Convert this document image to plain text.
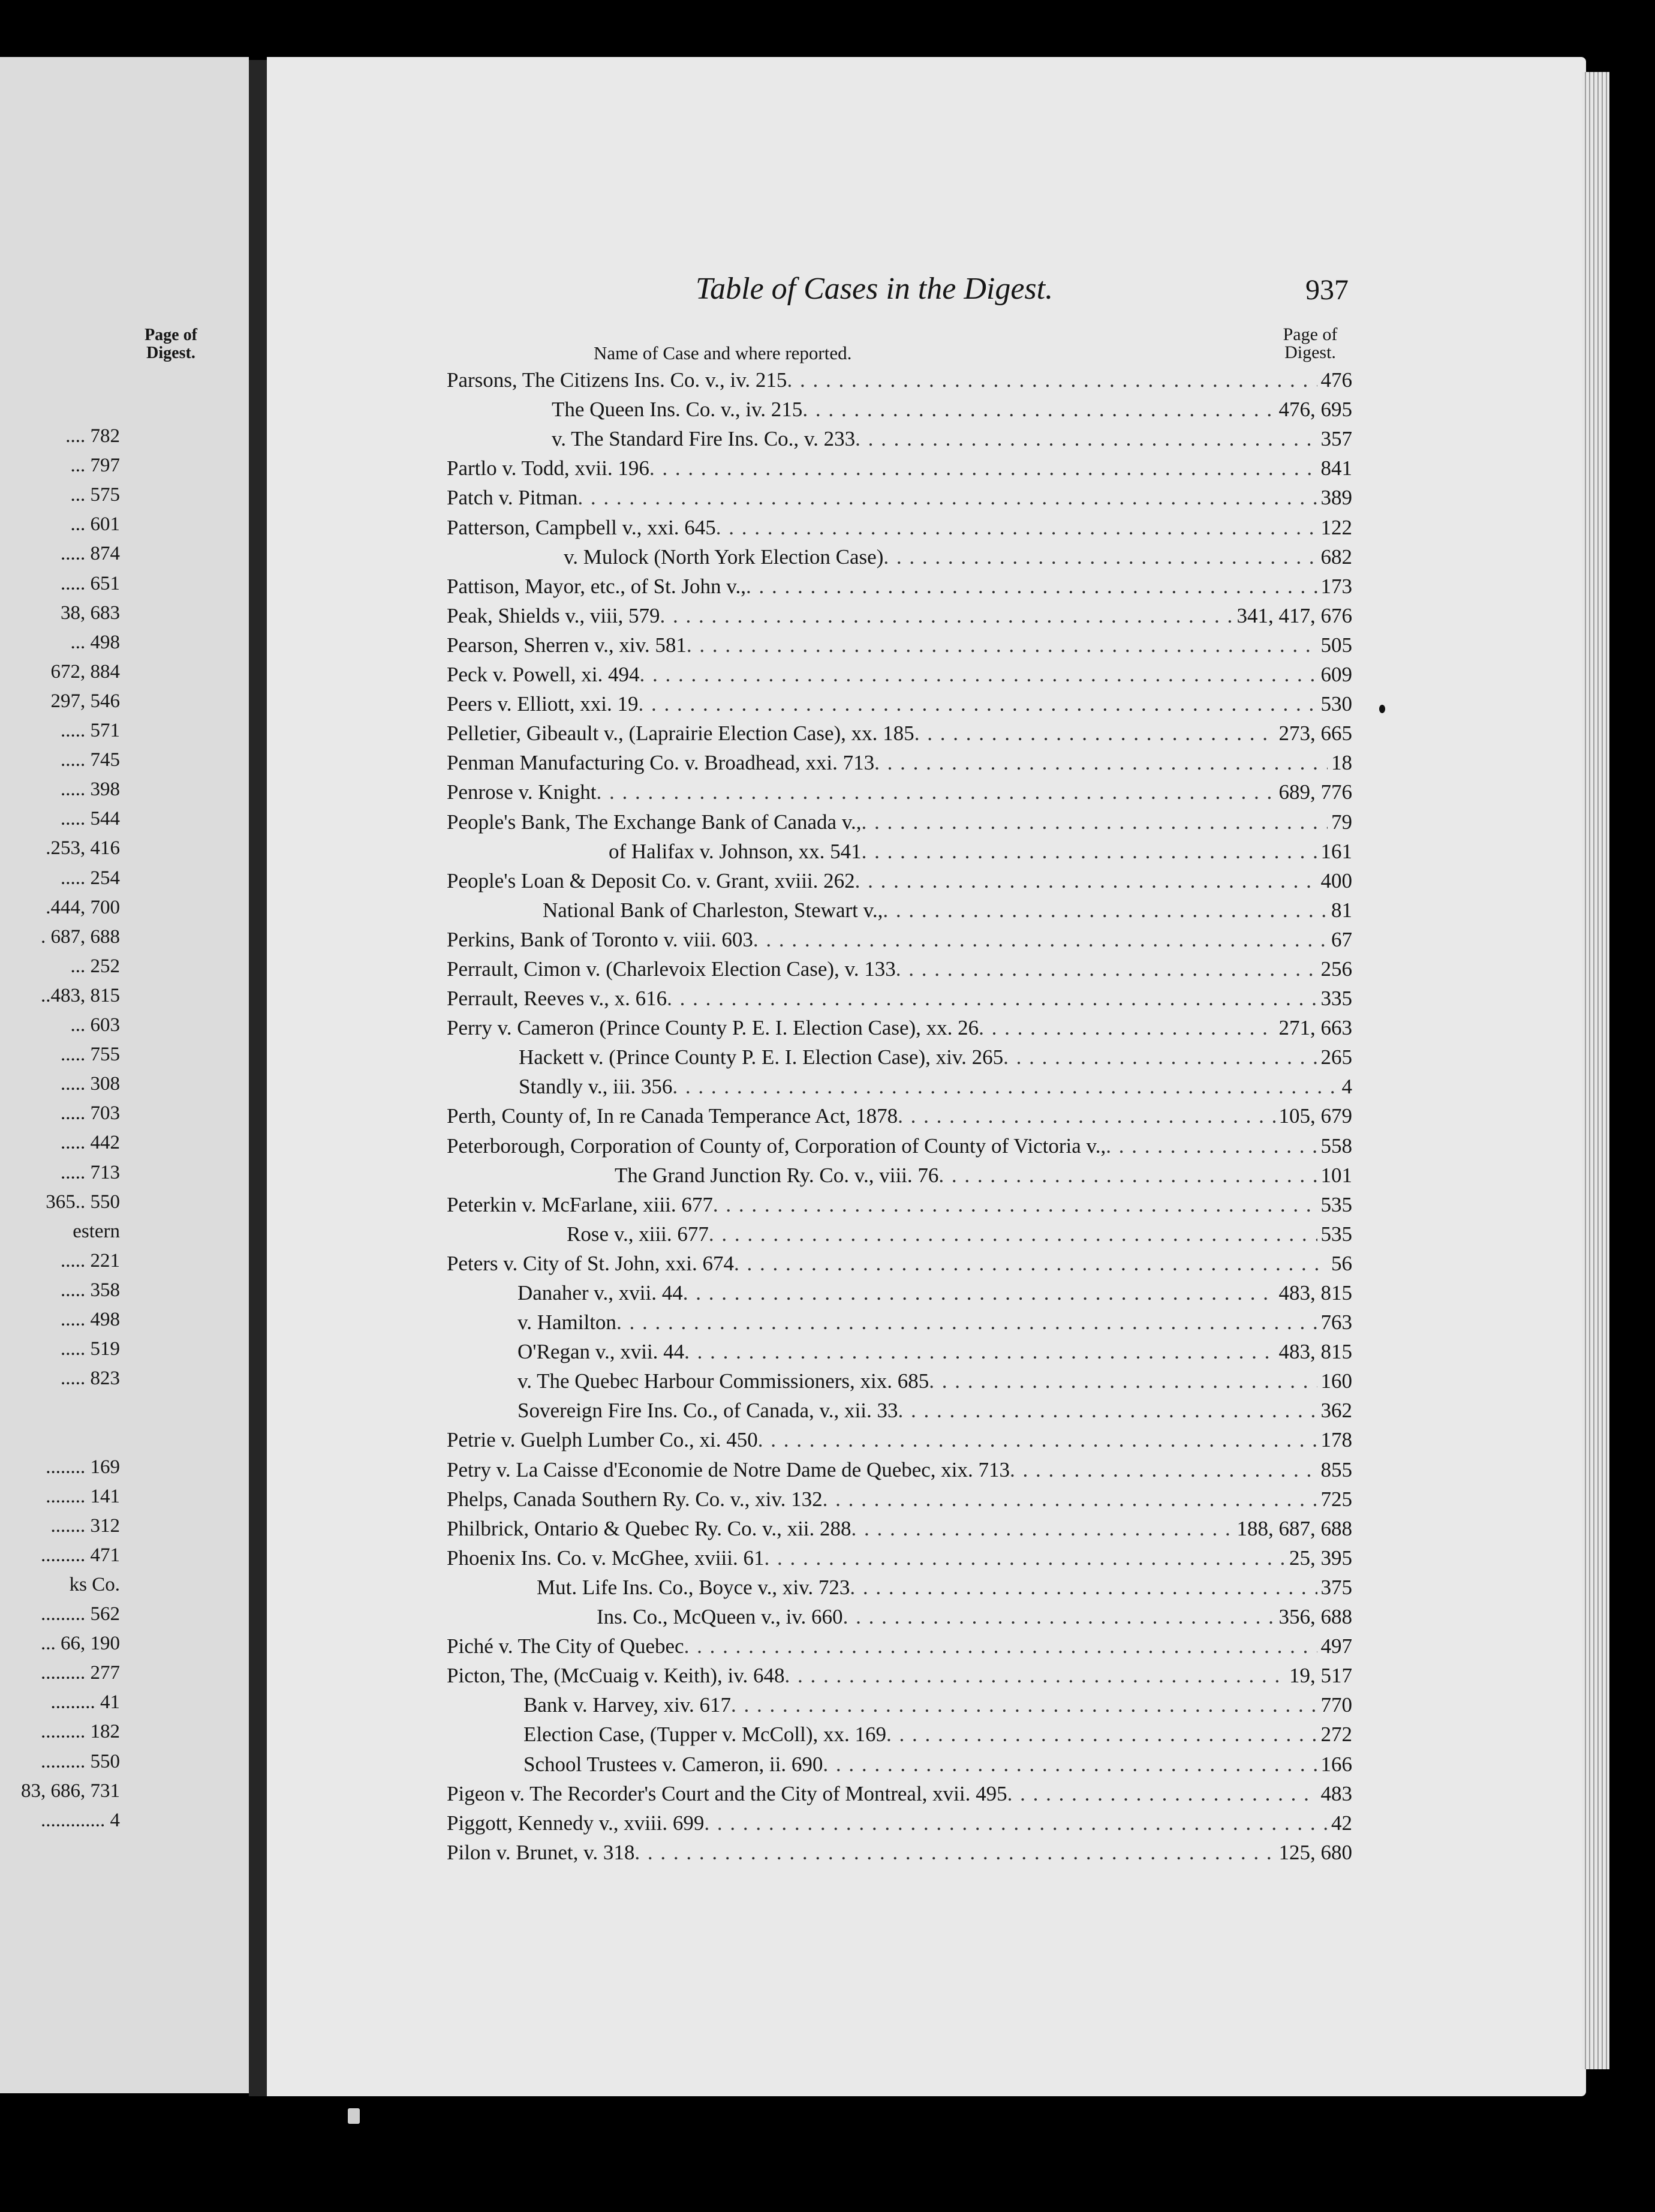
Page of
Digest.
.... 782
... 797
... 575
... 601
..... 874
..... 651
38, 683
... 498
672, 884
297, 546
..... 571
..... 745
..... 398
..... 544
.253, 416
..... 254
.444, 700
. 687, 688
... 252
..483, 815
... 603
..... 755
..... 308
..... 703
..... 442
..... 713
365.. 550
estern
..... 221
..... 358
..... 498
..... 519
..... 823
........ 169
........ 141
....... 312
......... 471
ks Co.
......... 562
... 66, 190
......... 277
......... 41
......... 182
......... 550
83, 686, 731
............. 4
Table of Cases in the Digest.	937
Name of Case and where reported.
Page of
Digest.
Parsons, The Citizens Ins. Co. v., iv. 215 . . .	476
The Queen Ins. Co. v., iv. 215 . . .	476, 695
v. The Standard Fire Ins. Co., v. 233 . . .	357
Partlo v. Todd, xvii. 196 . . .	841
Patch v. Pitman . . .	389
Patterson, Campbell v., xxi. 645 . . .	122
v. Mulock (North York Election Case) . . .	682
Pattison, Mayor, etc., of St. John v., . . .	173
Peak, Shields v., viii, 579 . . .	341, 417, 676
Pearson, Sherren v., xiv. 581 . . .	505
Peck v. Powell, xi. 494 . . .	609
Peers v. Elliott, xxi. 19 . . .	530
Pelletier, Gibeault v., (Laprairie Election Case), xx. 185 . . .	273, 665
Penman Manufacturing Co. v. Broadhead, xxi. 713 . . .	18
Penrose v. Knight . . .	689, 776
People's Bank, The Exchange Bank of Canada v., . . .	79
of Halifax v. Johnson, xx. 541 . . .	161
People's Loan & Deposit Co. v. Grant, xviii. 262 . . .	400
National Bank of Charleston, Stewart v., . . .	81
Perkins, Bank of Toronto v. viii. 603 . . .	67
Perrault, Cimon v. (Charlevoix Election Case), v. 133 . . .	256
Perrault, Reeves v., x. 616 . . .	335
Perry v. Cameron (Prince County P. E. I. Election Case), xx. 26 . . .	271, 663
Hackett v. (Prince County P. E. I. Election Case), xiv. 265 . . .	265
Standly v., iii. 356 . . .	4
Perth, County of, In re Canada Temperance Act, 1878 . . .	105, 679
Peterborough, Corporation of County of, Corporation of County of Victoria v., . . .	558
The Grand Junction Ry. Co. v., viii. 76 . . .	101
Peterkin v. McFarlane, xiii. 677 . . .	535
Rose v., xiii. 677 . . .	535
Peters v. City of St. John, xxi. 674 . . .	56
Danaher v., xvii. 44 . . .	483, 815
v. Hamilton . . .	763
O'Regan v., xvii. 44 . . .	483, 815
v. The Quebec Harbour Commissioners, xix. 685 . . .	160
Sovereign Fire Ins. Co., of Canada, v., xii. 33 . . .	362
Petrie v. Guelph Lumber Co., xi. 450 . . .	178
Petry v. La Caisse d'Economie de Notre Dame de Quebec, xix. 713 . . .	855
Phelps, Canada Southern Ry. Co. v., xiv. 132 . . .	725
Philbrick, Ontario & Quebec Ry. Co. v., xii. 288 . . .	188, 687, 688
Phoenix Ins. Co. v. McGhee, xviii. 61 . . .	25, 395
Mut. Life Ins. Co., Boyce v., xiv. 723 . . .	375
Ins. Co., McQueen v., iv. 660 . . .	356, 688
Piché v. The City of Quebec . . .	497
Picton, The, (McCuaig v. Keith), iv. 648 . . .	19, 517
Bank v. Harvey, xiv. 617 . . .	770
Election Case, (Tupper v. McColl), xx. 169 . . .	272
School Trustees v. Cameron, ii. 690 . . .	166
Pigeon v. The Recorder's Court and the City of Montreal, xvii. 495 . . .	483
Piggott, Kennedy v., xviii. 699 . . .	42
Pilon v. Brunet, v. 318 . . .	125, 680
